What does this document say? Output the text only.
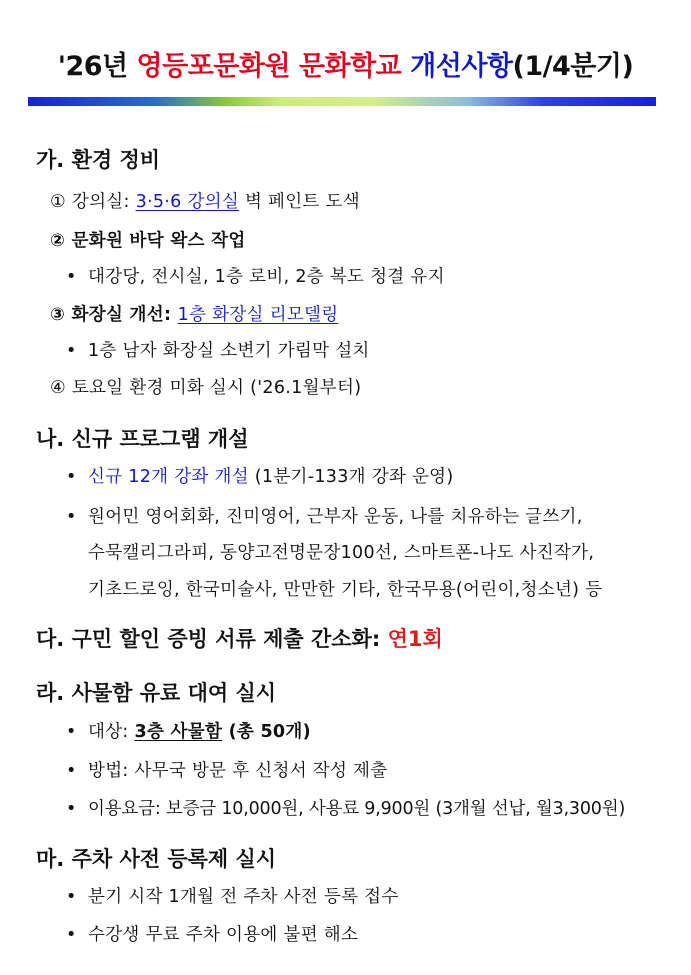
'26년 영등포문화원 문화학교 개선사항(1/4분기)
가. 환경 정비
① 강의실: 3·5·6 강의실 벽 페인트 도색
② 문화원 바닥 왁스 작업
• 대강당, 전시실, 1층 로비, 2층 복도 청결 유지
③ 화장실 개선: 1층 화장실 리모델링
• 1층 남자 화장실 소변기 가림막 설치
④ 토요일 환경 미화 실시 ('26.1월부터)
나. 신규 프로그램 개설
• 신규 12개 강좌 개설 (1분기-133개 강좌 운영)
• 원어민 영어회화, 진미영어, 근부자 운동, 나를 치유하는 글쓰기,
수묵캘리그라피, 동양고전명문장100선, 스마트폰-나도 사진작가,
기초드로잉, 한국미술사, 만만한 기타, 한국무용(어린이,청소년) 등
다. 구민 할인 증빙 서류 제출 간소화: 연1회
라. 사물함 유료 대여 실시
• 대상: 3층 사물함 (총 50개)
• 방법: 사무국 방문 후 신청서 작성 제출
• 이용요금: 보증금 10,000원, 사용료 9,900원 (3개월 선납, 월3,300원)
마. 주차 사전 등록제 실시
• 분기 시작 1개월 전 주차 사전 등록 접수
• 수강생 무료 주차 이용에 불편 해소
